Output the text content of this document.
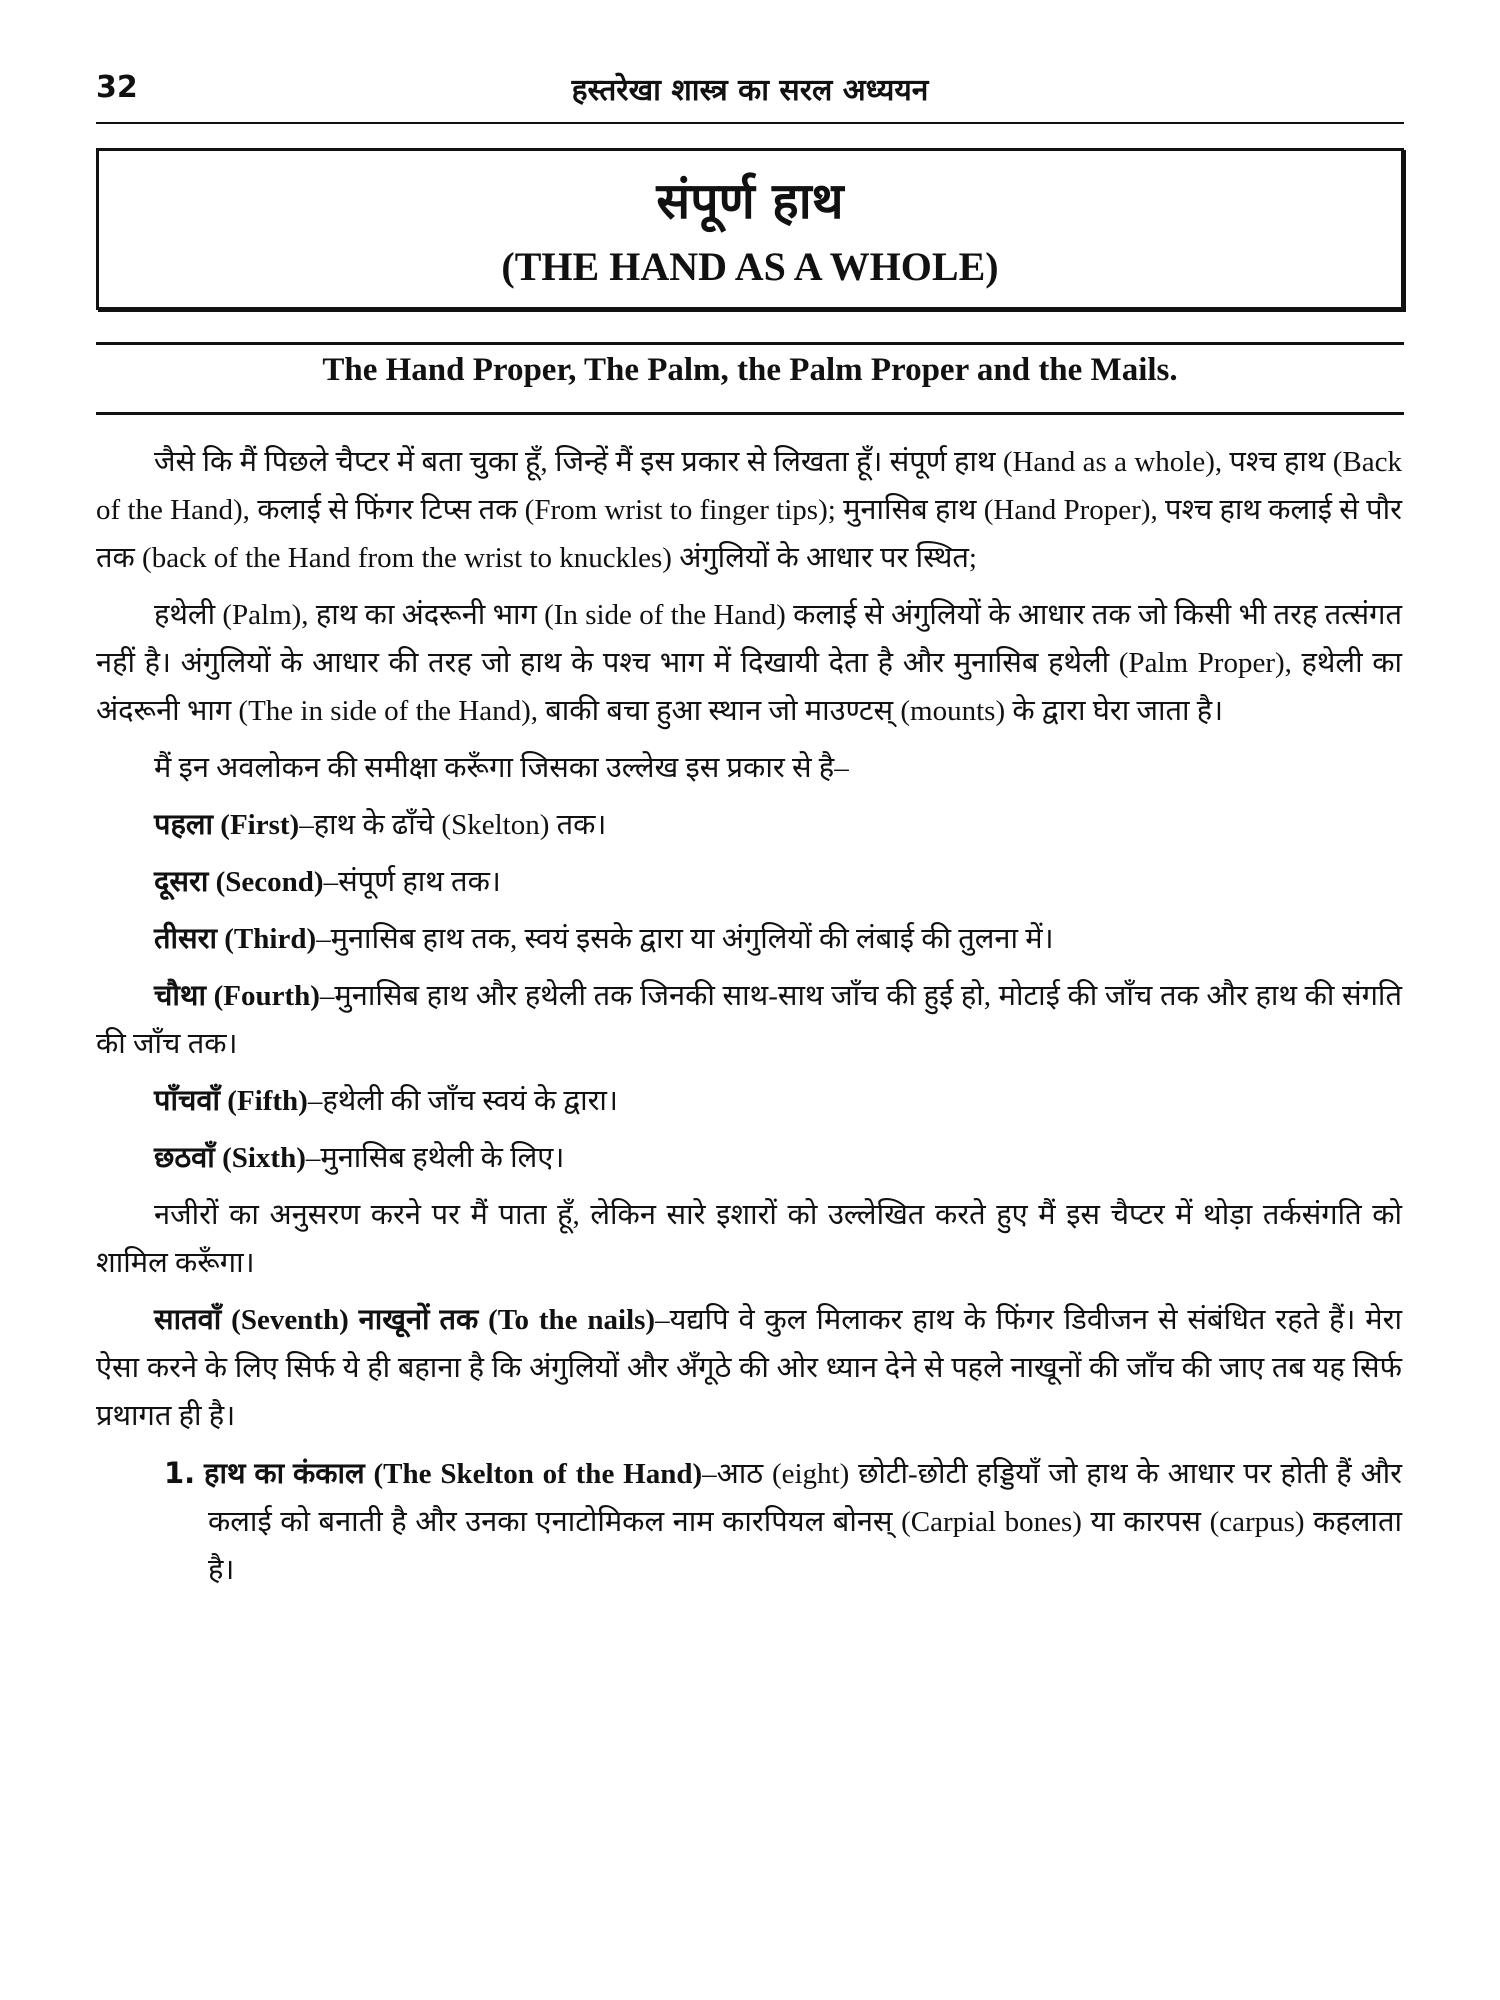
32	हस्तरेखा शास्त्र का सरल अध्ययन
संपूर्ण हाथ
(THE HAND AS A WHOLE)
The Hand Proper, The Palm, the Palm Proper and the Mails.

जैसे कि मैं पिछले चैप्टर में बता चुका हूँ, जिन्हें मैं इस प्रकार से लिखता हूँ। संपूर्ण हाथ (Hand as a whole), पश्च हाथ (Back of the Hand), कलाई से फिंगर टिप्स तक (From wrist to finger tips); मुनासिब हाथ (Hand Proper), पश्च हाथ कलाई से पौर तक (back of the Hand from the wrist to knuckles) अंगुलियों के आधार पर स्थित;

हथेली (Palm), हाथ का अंदरूनी भाग (In side of the Hand) कलाई से अंगुलियों के आधार तक जो किसी भी तरह तत्संगत नहीं है। अंगुलियों के आधार की तरह जो हाथ के पश्च भाग में दिखायी देता है और मुनासिब हथेली (Palm Proper), हथेली का अंदरूनी भाग (The in side of the Hand), बाकी बचा हुआ स्थान जो माउण्टस् (mounts) के द्वारा घेरा जाता है।

मैं इन अवलोकन की समीक्षा करूँगा जिसका उल्लेख इस प्रकार से है–

पहला (First)–हाथ के ढाँचे (Skelton) तक।

दूसरा (Second)–संपूर्ण हाथ तक।

तीसरा (Third)–मुनासिब हाथ तक, स्वयं इसके द्वारा या अंगुलियों की लंबाई की तुलना में।

चौथा (Fourth)–मुनासिब हाथ और हथेली तक जिनकी साथ-साथ जाँच की हुई हो, मोटाई की जाँच तक और हाथ की संगति की जाँच तक।

पाँचवाँ (Fifth)–हथेली की जाँच स्वयं के द्वारा।

छठवाँ (Sixth)–मुनासिब हथेली के लिए।

नजीरों का अनुसरण करने पर मैं पाता हूँ, लेकिन सारे इशारों को उल्लेखित करते हुए मैं इस चैप्टर में थोड़ा तर्कसंगति को शामिल करूँगा।

सातवाँ (Seventh) नाखूनों तक (To the nails)–यद्यपि वे कुल मिलाकर हाथ के फिंगर डिवीजन से संबंधित रहते हैं। मेरा ऐसा करने के लिए सिर्फ ये ही बहाना है कि अंगुलियों और अँगूठे की ओर ध्यान देने से पहले नाखूनों की जाँच की जाए तब यह सिर्फ प्रथागत ही है।

1. हाथ का कंकाल (The Skelton of the Hand)–आठ (eight) छोटी-छोटी हड्डियाँ जो हाथ के आधार पर होती हैं और कलाई को बनाती है और उनका एनाटोमिकल नाम कारपियल बोनस् (Carpial bones) या कारपस (carpus) कहलाता है।
